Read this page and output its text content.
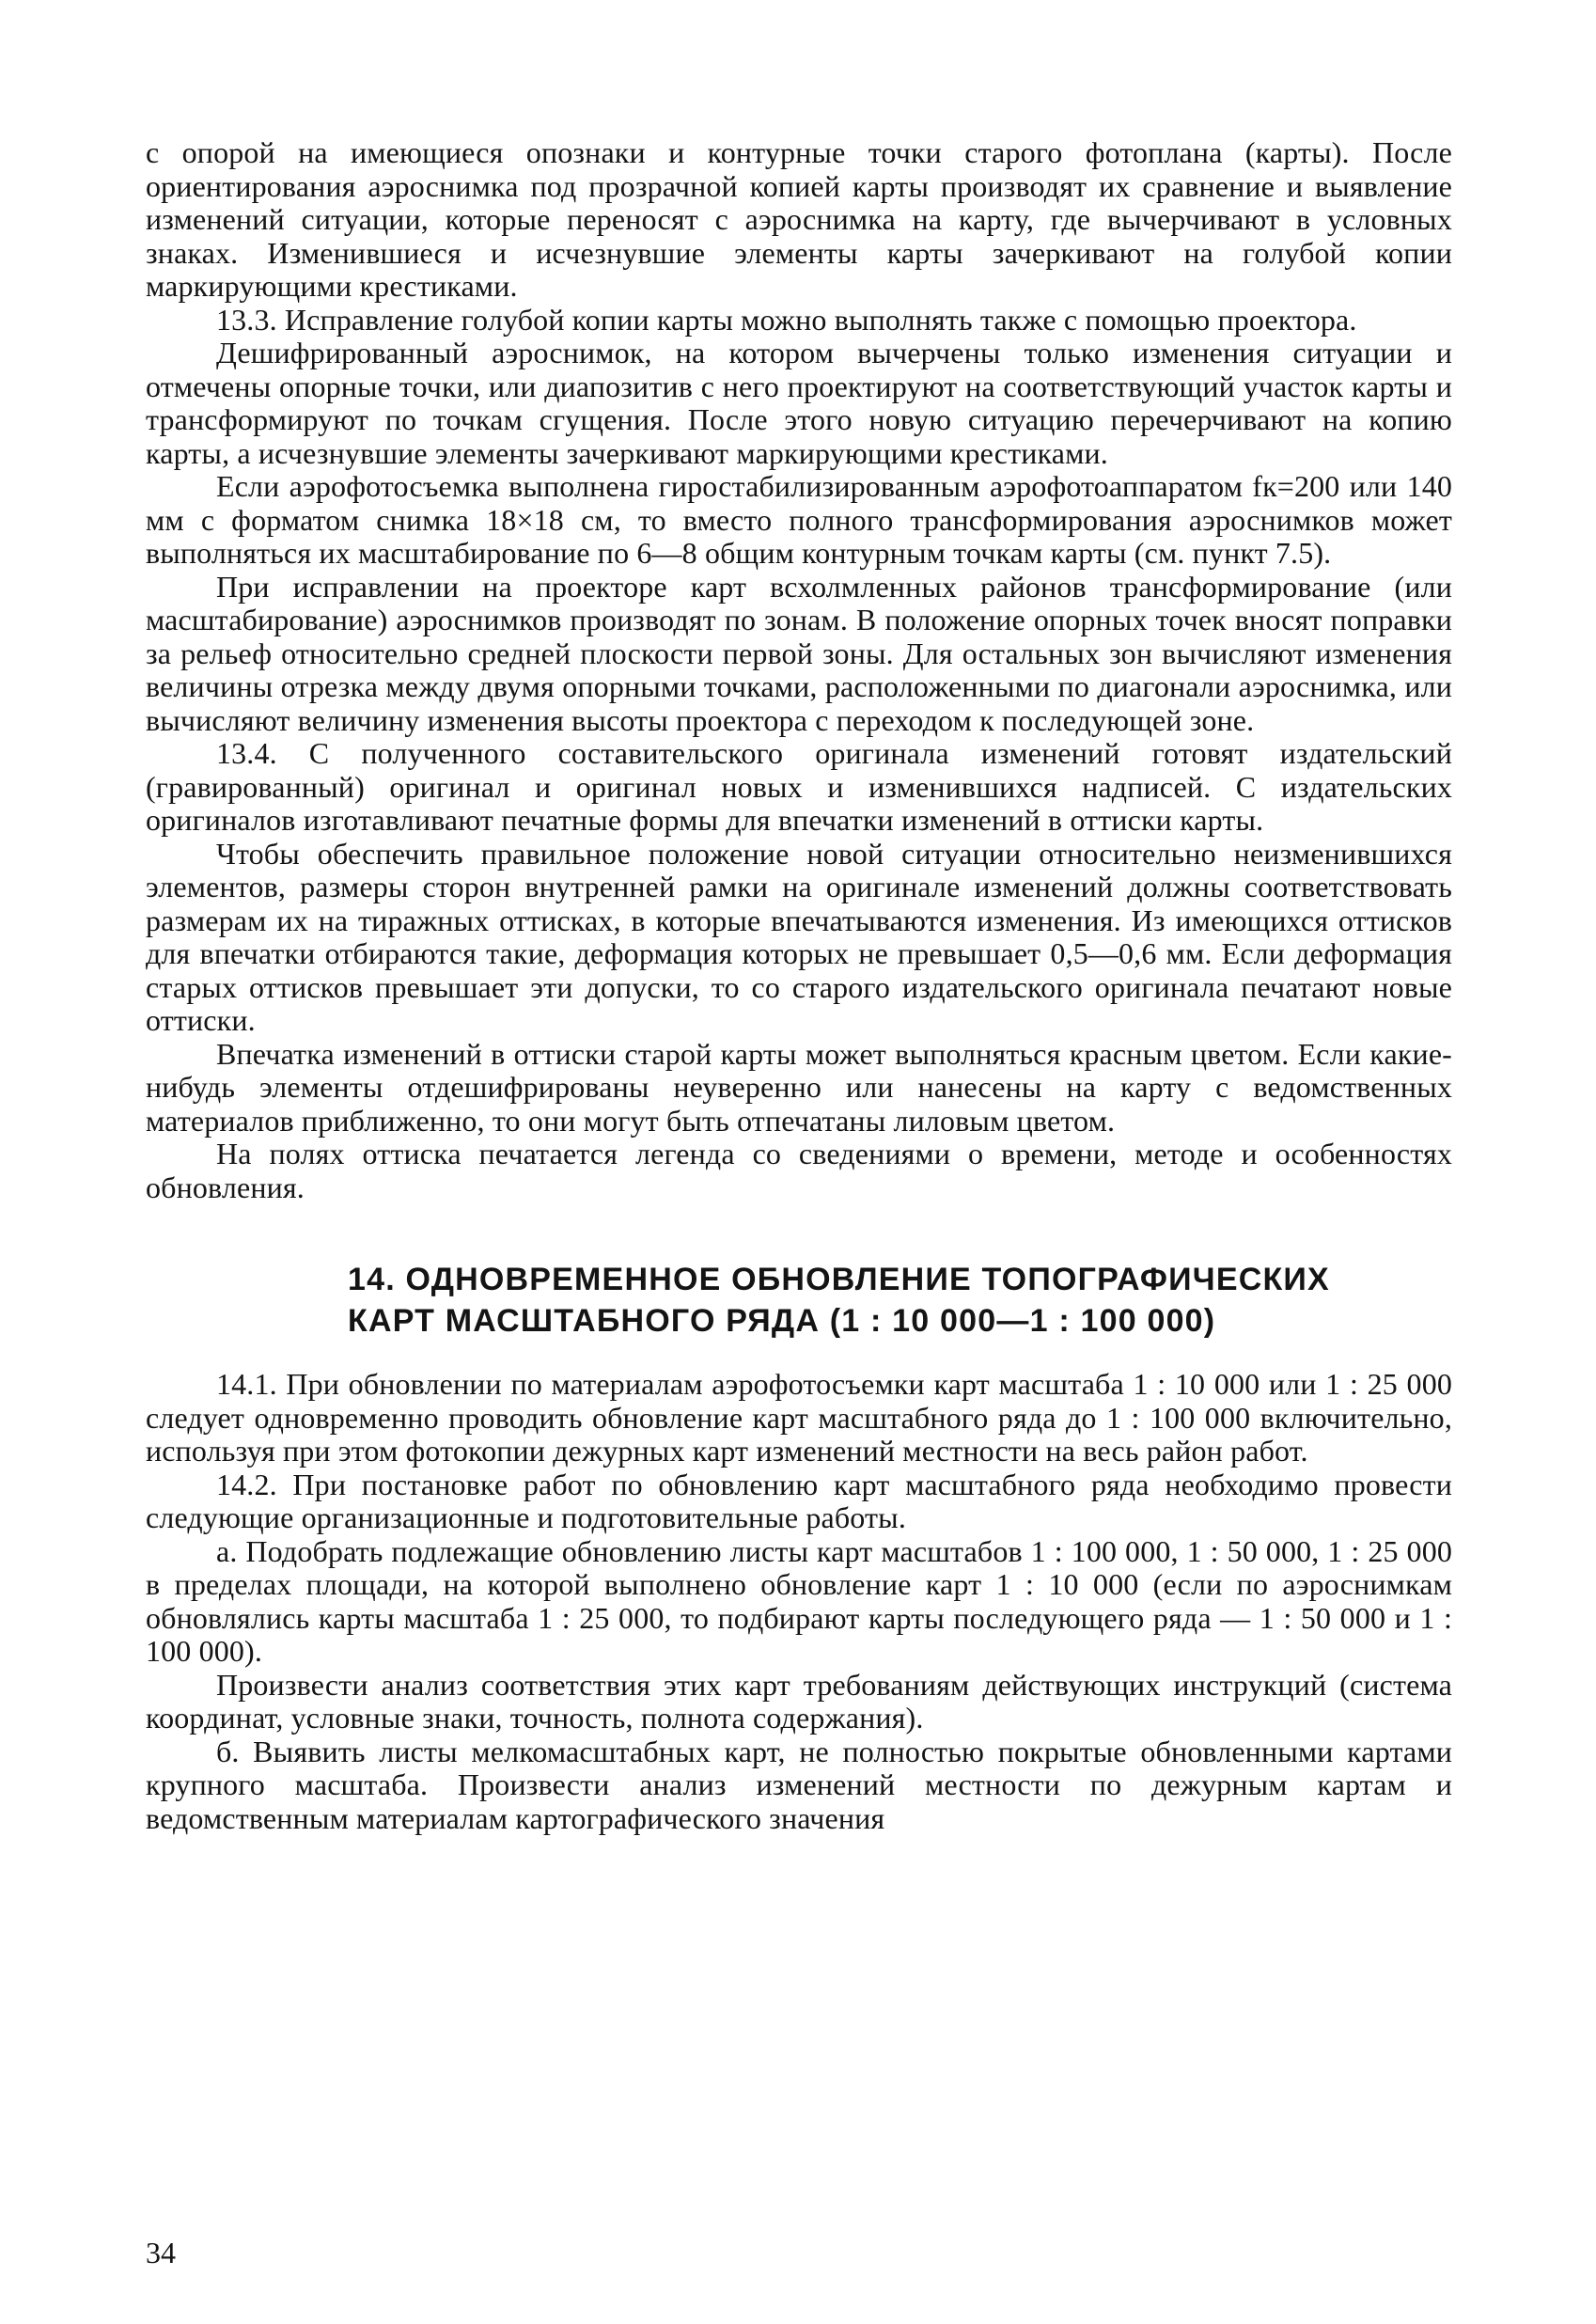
с опорой на имеющиеся опознаки и контурные точки старого фотоплана (карты). После ориентирования аэроснимка под прозрачной копией карты производят их сравнение и выявление изменений ситуации, которые переносят с аэроснимка на карту, где вычерчивают в условных знаках. Изменившиеся и исчезнувшие элементы карты зачеркивают на голубой копии маркирующими крестиками.

13.3. Исправление голубой копии карты можно выполнять также с помощью проектора.

Дешифрированный аэроснимок, на котором вычерчены только изменения ситуации и отмечены опорные точки, или диапозитив с него проектируют на соответствующий участок карты и трансформируют по точкам сгущения. После этого новую ситуацию перечерчивают на копию карты, а исчезнувшие элементы зачеркивают маркирующими крестиками.

Если аэрофотосъемка выполнена гиростабилизированным аэрофотоаппаратом fк=200 или 140 мм с форматом снимка 18×18 см, то вместо полного трансформирования аэроснимков может выполняться их масштабирование по 6—8 общим контурным точкам карты (см. пункт 7.5).

При исправлении на проекторе карт всхолмленных районов трансформирование (или масштабирование) аэроснимков производят по зонам. В положение опорных точек вносят поправки за рельеф относительно средней плоскости первой зоны. Для остальных зон вычисляют изменения величины отрезка между двумя опорными точками, расположенными по диагонали аэроснимка, или вычисляют величину изменения высоты проектора с переходом к последующей зоне.

13.4. С полученного составительского оригинала изменений готовят издательский (гравированный) оригинал и оригинал новых и изменившихся надписей. С издательских оригиналов изготавливают печатные формы для впечатки изменений в оттиски карты.

Чтобы обеспечить правильное положение новой ситуации относительно неизменившихся элементов, размеры сторон внутренней рамки на оригинале изменений должны соответствовать размерам их на тиражных оттисках, в которые впечатываются изменения. Из имеющихся оттисков для впечатки отбираются такие, деформация которых не превышает 0,5—0,6 мм. Если деформация старых оттисков превышает эти допуски, то со старого издательского оригинала печатают новые оттиски.

Впечатка изменений в оттиски старой карты может выполняться красным цветом. Если какие-нибудь элементы отдешифрированы неуверенно или нанесены на карту с ведомственных материалов приближенно, то они могут быть отпечатаны лиловым цветом.

На полях оттиска печатается легенда со сведениями о времени, методе и особенностях обновления.

14. ОДНОВРЕМЕННОЕ ОБНОВЛЕНИЕ ТОПОГРАФИЧЕСКИХ
КАРТ МАСШТАБНОГО РЯДА (1 : 10 000—1 : 100 000)

14.1. При обновлении по материалам аэрофотосъемки карт масштаба 1 : 10 000 или 1 : 25 000 следует одновременно проводить обновление карт масштабного ряда до 1 : 100 000 включительно, используя при этом фотокопии дежурных карт изменений местности на весь район работ.

14.2. При постановке работ по обновлению карт масштабного ряда необходимо провести следующие организационные и подготовительные работы.

а. Подобрать подлежащие обновлению листы карт масштабов 1 : 100 000, 1 : 50 000, 1 : 25 000 в пределах площади, на которой выполнено обновление карт 1 : 10 000 (если по аэроснимкам обновлялись карты масштаба 1 : 25 000, то подбирают карты последующего ряда — 1 : 50 000 и 1 : 100 000).

Произвести анализ соответствия этих карт требованиям действующих инструкций (система координат, условные знаки, точность, полнота содержания).

б. Выявить листы мелкомасштабных карт, не полностью покрытые обновленными картами крупного масштаба. Произвести анализ изменений местности по дежурным картам и ведомственным материалам картографического значения

34
